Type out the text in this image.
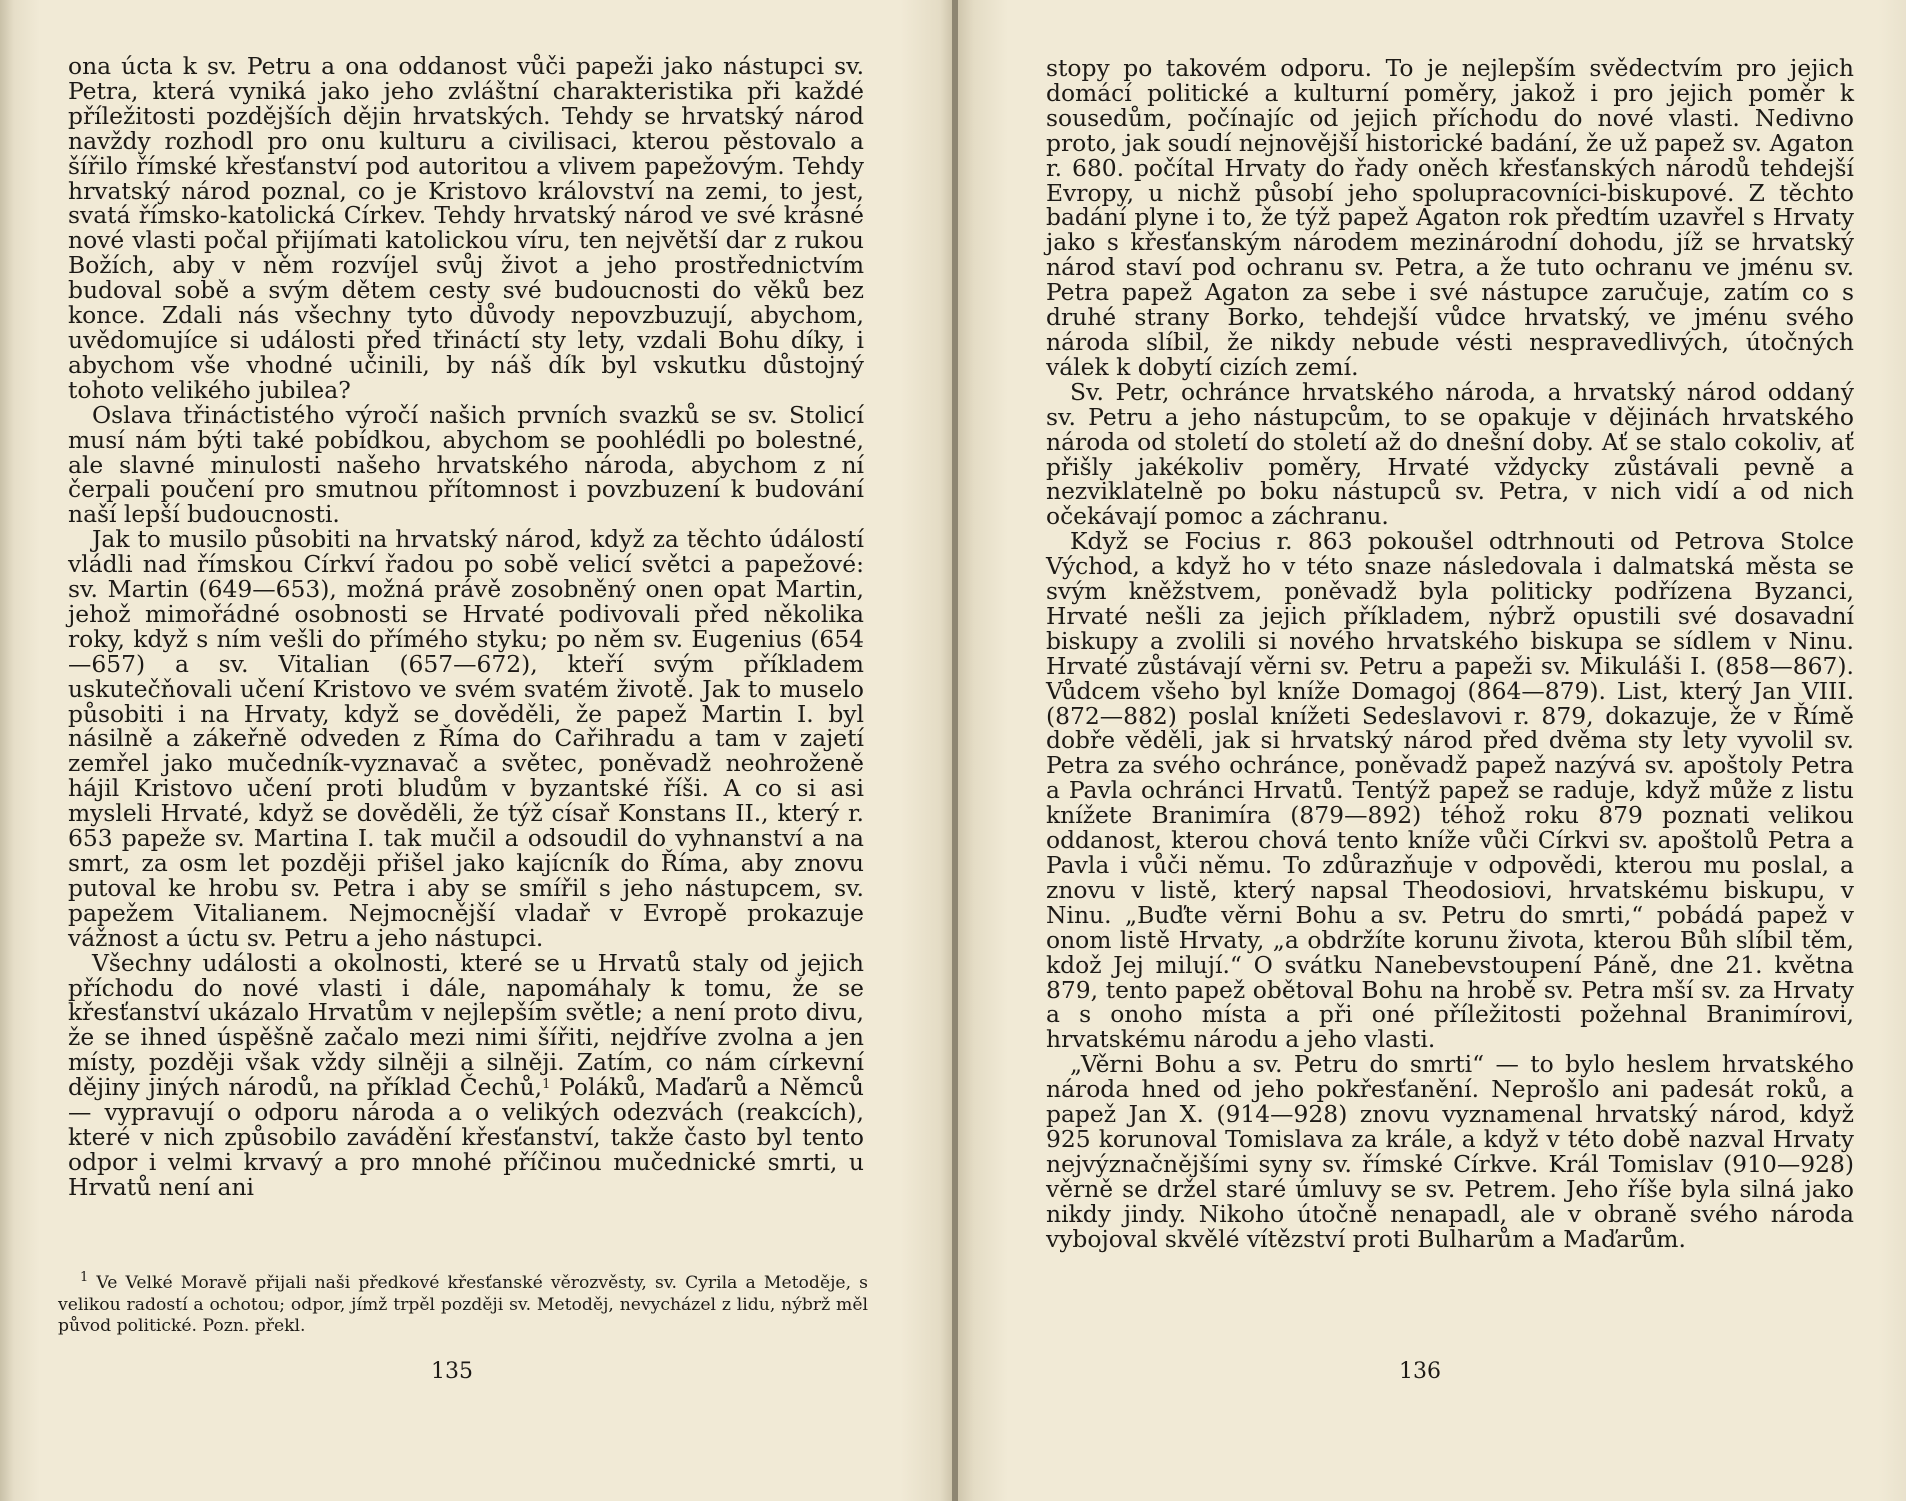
ona úcta k sv. Petru a ona oddanost vůči papeži jako nástupci sv. Petra, která vyniká jako jeho zvláštní charakteristika při každé příležitosti pozdějších dějin hrvatských. Tehdy se hrvatský národ navždy rozhodl pro onu kulturu a civilisaci, kterou pěstovalo a šířilo římské křesťanství pod autoritou a vlivem papežovým. Tehdy hrvatský národ poznal, co je Kristovo království na zemi, to jest, svatá římsko-katolická Církev. Tehdy hrvatský národ ve své krásné nové vlasti počal přijímati katolickou víru, ten největší dar z rukou Božích, aby v něm rozvíjel svůj život a jeho prostřednictvím budoval sobě a svým dětem cesty své budoucnosti do věků bez konce. Zdali nás všechny tyto důvody nepovzbuzují, abychom, uvědomujíce si události před třináctí sty lety, vzdali Bohu díky, i abychom vše vhodné učinili, by náš dík byl vskutku důstojný tohoto velikého jubilea?

Oslava třináctistého výročí našich prvních svazků se sv. Stolicí musí nám býti také pobídkou, abychom se poohlédli po bolestné, ale slavné minulosti našeho hrvatského národa, abychom z ní čerpali poučení pro smutnou přítomnost i povzbuzení k budování naší lepší budoucnosti.

Jak to musilo působiti na hrvatský národ, když za těchto údálostí vládli nad římskou Církví řadou po sobě velicí světci a papežové: sv. Martin (649—653), možná právě zosobněný onen opat Martin, jehož mimořádné osobnosti se Hrvaté podivovali před několika roky, když s ním vešli do přímého styku; po něm sv. Eugenius (654—657) a sv. Vitalian (657—672), kteří svým příkladem uskutečňovali učení Kristovo ve svém svatém životě. Jak to muselo působiti i na Hrvaty, když se dověděli, že papež Martin I. byl násilně a zákeřně odveden z Říma do Cařihradu a tam v zajetí zemřel jako mučedník-vyznavač a světec, poněvadž neohroženě hájil Kristovo učení proti bludům v byzantské říši. A co si asi mysleli Hrvaté, když se dověděli, že týž císař Konstans II., který r. 653 papeže sv. Martina I. tak mučil a odsoudil do vyhnanství a na smrt, za osm let později přišel jako kajícník do Říma, aby znovu putoval ke hrobu sv. Petra i aby se smířil s jeho nástupcem, sv. papežem Vitalianem. Nejmocnější vladař v Evropě prokazuje vážnost a úctu sv. Petru a jeho nástupci.

Všechny události a okolnosti, které se u Hrvatů staly od jejich příchodu do nové vlasti i dále, napomáhaly k tomu, že se křesťanství ukázalo Hrvatům v nejlepším světle; a není proto divu, že se ihned úspěšně začalo mezi nimi šířiti, nejdříve zvolna a jen místy, později však vždy silněji a silněji. Zatím, co nám církevní dějiny jiných národů, na příklad Čechů,$^1$ Poláků, Maďarů a Němců — vypravují o odporu národa a o velikých odezvách (reakcích), které v nich způsobilo zavádění křesťanství, takže často byl tento odpor i velmi krvavý a pro mnohé příčinou mučednické smrti, u Hrvatů není ani

$^1$ Ve Velké Moravě přijali naši předkové křesťanské věrozvěsty, sv. Cyrila a Metoděje, s velikou radostí a ochotou; odpor, jímž trpěl později sv. Metoděj, nevycházel z lidu, nýbrž měl původ politické. Pozn. překl.

135

stopy po takovém odporu. To je nejlepším svědectvím pro jejich domácí politické a kulturní poměry, jakož i pro jejich poměr k sousedům, počínajíc od jejich příchodu do nové vlasti. Nedivno proto, jak soudí nejnovější historické badání, že už papež sv. Agaton r. 680. počítal Hrvaty do řady oněch křesťanských národů tehdejší Evropy, u nichž působí jeho spolupracovníci-biskupové. Z těchto badání plyne i to, že týž papež Agaton rok předtím uzavřel s Hrvaty jako s křesťanským národem mezinárodní dohodu, jíž se hrvatský národ staví pod ochranu sv. Petra, a že tuto ochranu ve jménu sv. Petra papež Agaton za sebe i své nástupce zaručuje, zatím co s druhé strany Borko, tehdejší vůdce hrvatský, ve jménu svého národa slíbil, že nikdy nebude vésti nespravedlivých, útočných válek k dobytí cizích zemí.

Sv. Petr, ochránce hrvatského národa, a hrvatský národ oddaný sv. Petru a jeho nástupcům, to se opakuje v dějinách hrvatského národa od století do století až do dnešní doby. Ať se stalo cokoliv, ať přišly jakékoliv poměry, Hrvaté vždycky zůstávali pevně a nezviklatelně po boku nástupců sv. Petra, v nich vidí a od nich očekávají pomoc a záchranu.

Když se Focius r. 863 pokoušel odtrhnouti od Petrova Stolce Východ, a když ho v této snaze následovala i dalmatská města se svým kněžstvem, poněvadž byla politicky podřízena Byzanci, Hrvaté nešli za jejich příkladem, nýbrž opustili své dosavadní biskupy a zvolili si nového hrvatského biskupa se sídlem v Ninu. Hrvaté zůstávají věrni sv. Petru a papeži sv. Mikuláši I. (858—867). Vůdcem všeho byl kníže Domagoj (864—879). List, který Jan VIII. (872—882) poslal knížeti Sedeslavovi r. 879, dokazuje, že v Římě dobře věděli, jak si hrvatský národ před dvěma sty lety vyvolil sv. Petra za svého ochránce, poněvadž papež nazývá sv. apoštoly Petra a Pavla ochránci Hrvatů. Tentýž papež se raduje, když může z listu knížete Branimíra (879—892) téhož roku 879 poznati velikou oddanost, kterou chová tento kníže vůči Církvi sv. apoštolů Petra a Pavla i vůči němu. To zdůrazňuje v odpovědi, kterou mu poslal, a znovu v listě, který napsal Theodosiovi, hrvatskému biskupu, v Ninu. „Buďte věrni Bohu a sv. Petru do smrti,“ pobádá papež v onom listě Hrvaty, „a obdržíte korunu života, kterou Bůh slíbil těm, kdož Jej milují.“ O svátku Nanebevstoupení Páně, dne 21. května 879, tento papež obětoval Bohu na hrobě sv. Petra mší sv. za Hrvaty a s onoho místa a při oné příležitosti požehnal Branimírovi, hrvatskému národu a jeho vlasti.

„Věrni Bohu a sv. Petru do smrti“ — to bylo heslem hrvatského národa hned od jeho pokřesťanění. Neprošlo ani padesát roků, a papež Jan X. (914—928) znovu vyznamenal hrvatský národ, když 925 korunoval Tomislava za krále, a když v této době nazval Hrvaty nejvýznačnějšími syny sv. římské Církve. Král Tomislav (910—928) věrně se držel staré úmluvy se sv. Petrem. Jeho říše byla silná jako nikdy jindy. Nikoho útočně nenapadl, ale v obraně svého národa vybojoval skvělé vítězství proti Bulharům a Maďarům.

136
